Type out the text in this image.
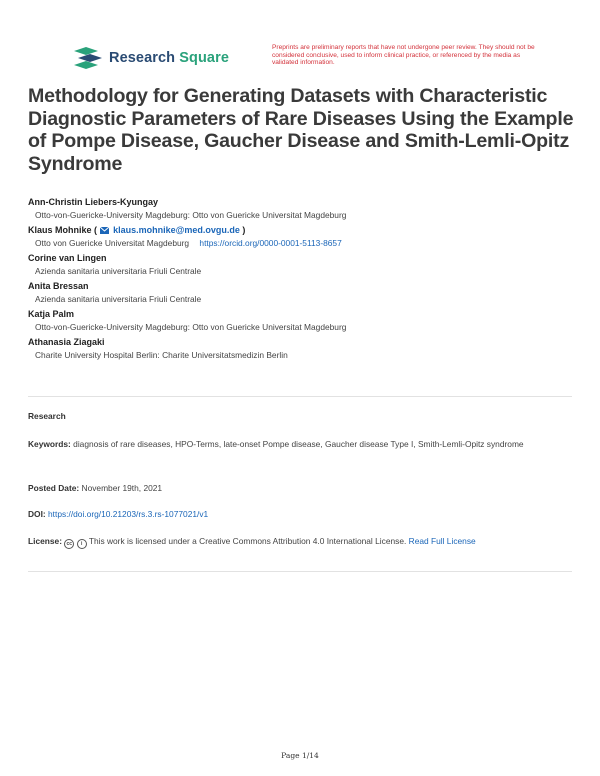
Research Square
Preprints are preliminary reports that have not undergone peer review. They should not be considered conclusive, used to inform clinical practice, or referenced by the media as validated information.
Methodology for Generating Datasets with Characteristic Diagnostic Parameters of Rare Diseases Using the Example of Pompe Disease, Gaucher Disease and Smith-Lemli-Opitz Syndrome
Ann-Christin Liebers-Kyungay
Otto-von-Guericke-University Magdeburg: Otto von Guericke Universitat Magdeburg
Klaus Mohnike ( klaus.mohnike@med.ovgu.de )
Otto von Guericke Universitat Magdeburg https://orcid.org/0000-0001-5113-8657
Corine van Lingen
Azienda sanitaria universitaria Friuli Centrale
Anita Bressan
Azienda sanitaria universitaria Friuli Centrale
Katja Palm
Otto-von-Guericke-University Magdeburg: Otto von Guericke Universitat Magdeburg
Athanasia Ziagaki
Charite University Hospital Berlin: Charite Universitatsmedizin Berlin
Research
Keywords: diagnosis of rare diseases, HPO-Terms, late-onset Pompe disease, Gaucher disease Type I, Smith-Lemli-Opitz syndrome
Posted Date: November 19th, 2021
DOI: https://doi.org/10.21203/rs.3.rs-1077021/v1
License: cc i This work is licensed under a Creative Commons Attribution 4.0 International License. Read Full License
Page 1/14
